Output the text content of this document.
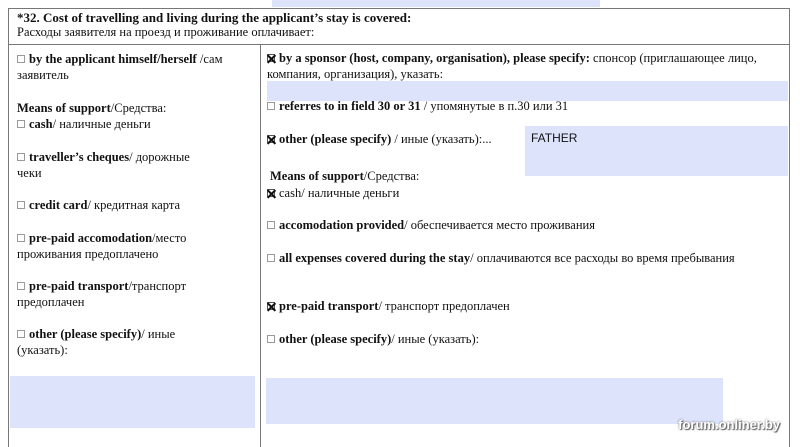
*32. Cost of travelling and living during the applicant’s stay is covered:
Расходы заявителя на проезд и проживание оплачивает:
by the applicant himself/herself /сам заявитель
Means of support/Средства:
cash/ наличные деньги
traveller’s cheques/ дорожные чеки
credit card/ кредитная карта
pre-paid accomodation/место проживания предоплачено
pre-paid transport/транспорт предоплачен
other (please specify)/ иные (указать):
by a sponsor (host, company, organisation), please specify: спонсор (приглашающее лицо, компания, организация), указать:
referres to in field 30 or 31 / упомянутые в п.30 или 31
other (please specify) / иные (указать):...	FATHER
Means of support/Средства:
cash/ наличные деньги
accomodation provided/ обеспечивается место проживания
all expenses covered during the stay/ оплачиваются все расходы во время пребывания
pre-paid transport/ транспорт предоплачен
other (please specify)/ иные (указать):
forum.onliner.by
